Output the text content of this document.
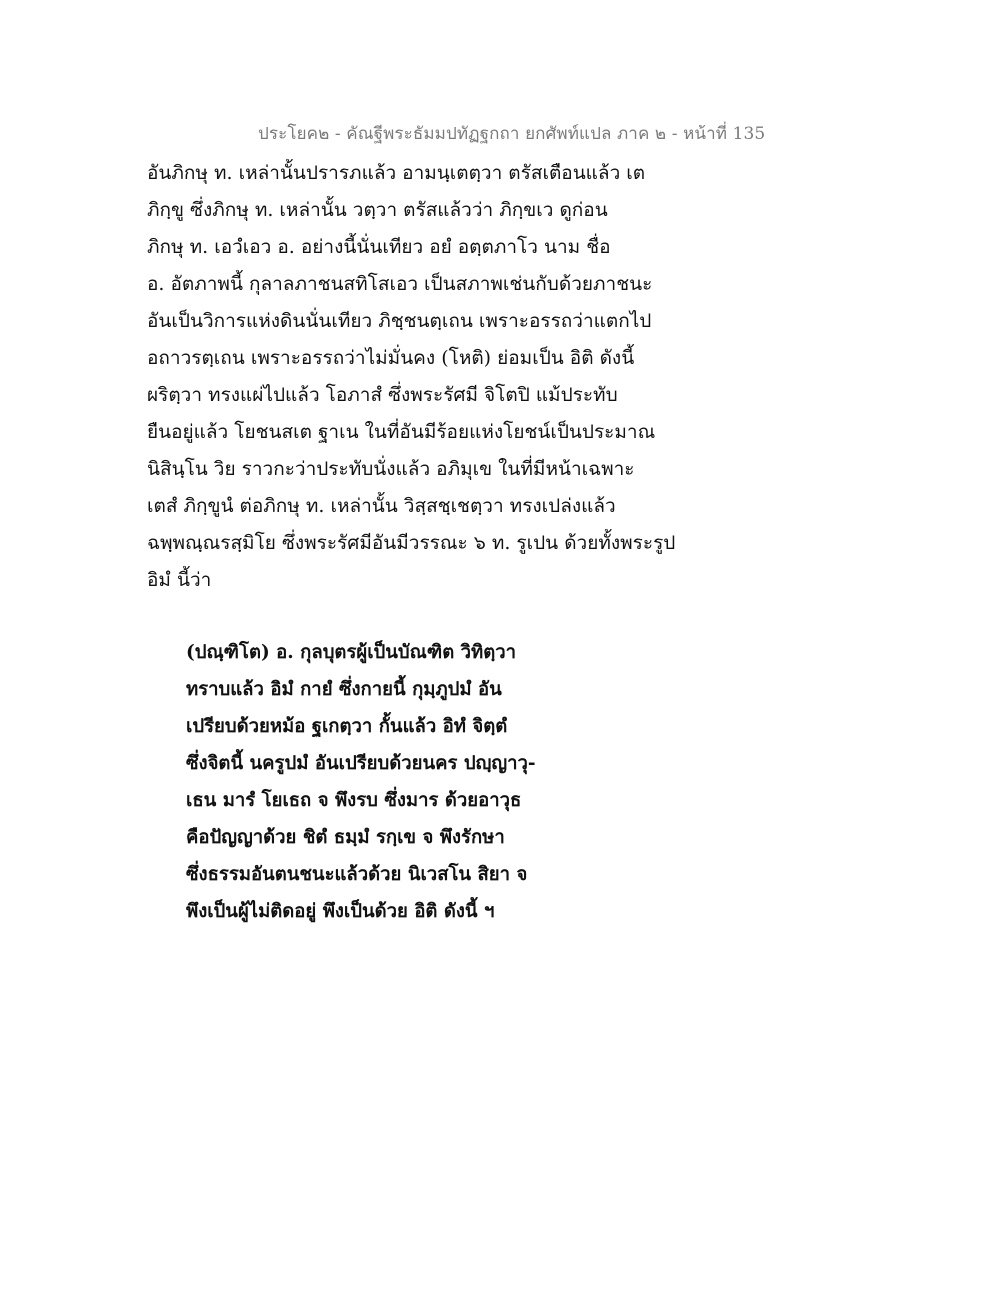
ประโยค๒ - คัณฐีพระธัมมปทัฏฐกถา ยกศัพท์แปล ภาค ๒ - หน้าที่ 135
อันภิกษุ ท. เหล่านั้นปรารภแล้ว อามนฺเตตฺวา ตรัสเตือนแล้ว เต
ภิกฺขู ซึ่งภิกษุ ท. เหล่านั้น วตฺวา ตรัสแล้วว่า ภิกฺขเว ดูก่อน
ภิกษุ ท. เอวํเอว อ. อย่างนี้นั่นเทียว อยํ อตฺตภาโว นาม ชื่อ
อ. อัตภาพนี้ กุลาลภาชนสทิโสเอว เป็นสภาพเช่นกับด้วยภาชนะ
อันเป็นวิการแห่งดินนั่นเทียว ภิชฺชนตฺเถน เพราะอรรถว่าแตกไป
อถาวรตฺเถน เพราะอรรถว่าไม่มั่นคง (โหติ) ย่อมเป็น อิติ ดังนี้
ผริตฺวา ทรงแผ่ไปแล้ว โอภาสํ ซึ่งพระรัศมี จิโตปิ แม้ประทับ
ยืนอยู่แล้ว โยชนสเต ฐาเน ในที่อันมีร้อยแห่งโยชน์เป็นประมาณ
นิสินฺโน วิย ราวกะว่าประทับนั่งแล้ว อภิมุเข ในที่มีหน้าเฉพาะ
เตสํ ภิกฺขูนํ ต่อภิกษุ ท. เหล่านั้น วิสฺสชฺเชตฺวา ทรงเปล่งแล้ว
ฉพฺพณฺณรสฺมิโย ซึ่งพระรัศมีอันมีวรรณะ ๖ ท. รูเปน ด้วยทั้งพระรูป
อิมํ นี้ว่า
(ปณฺฑิโต) อ. กุลบุตรผู้เป็นบัณฑิต วิทิตฺวา
ทราบแล้ว อิมํ กายํ ซึ่งกายนี้ กุมฺภูปมํ อัน
เปรียบด้วยหม้อ ฐเกตฺวา กั้นแล้ว อิทํ จิตฺตํ
ซึ่งจิตนี้ นครูปมํ อันเปรียบด้วยนคร ปญฺญาวุ-
เธน มารํ โยเธถ จ พึงรบ ซึ่งมาร ด้วยอาวุธ
คือปัญญาด้วย ชิตํ ธมฺมํ รกฺเข จ พึงรักษา
ซึ่งธรรมอันตนชนะแล้วด้วย นิเวสโน สิยา จ
พึงเป็นผู้ไม่ติดอยู่ พึงเป็นด้วย อิติ ดังนี้ ฯ
